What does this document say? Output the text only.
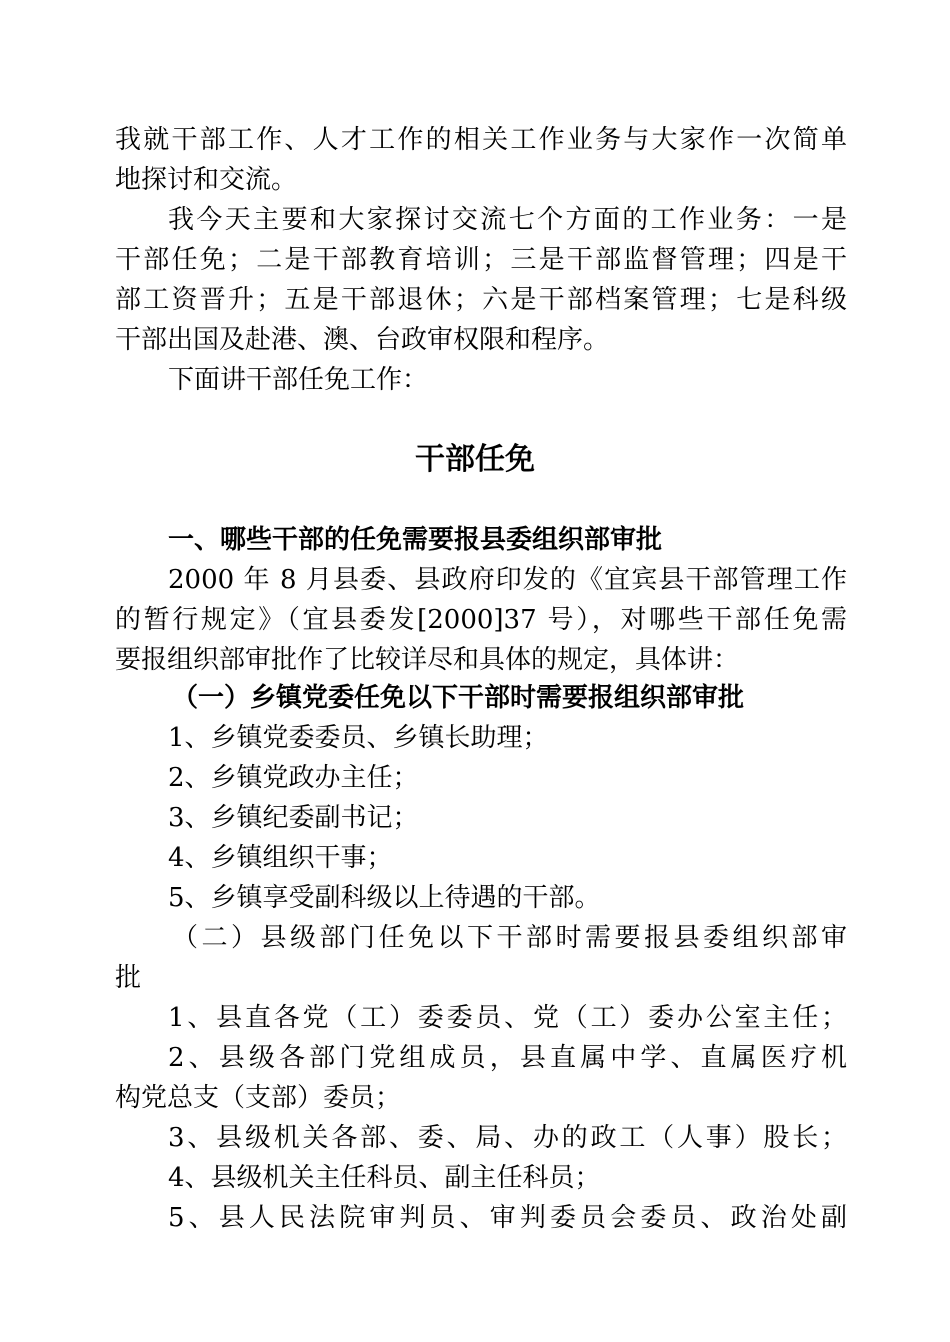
我就干部工作、人才工作的相关工作业务与大家作一次简单
地探讨和交流。
我今天主要和大家探讨交流七个方面的工作业务：一是
干部任免；二是干部教育培训；三是干部监督管理；四是干
部工资晋升；五是干部退休；六是干部档案管理；七是科级
干部出国及赴港、澳、台政审权限和程序。
下面讲干部任免工作：
干部任免
一、哪些干部的任免需要报县委组织部审批
2000 年 8 月县委、县政府印发的《宜宾县干部管理工作
的暂行规定》（宜县委发[2000]37 号），对哪些干部任免需
要报组织部审批作了比较详尽和具体的规定，具体讲：
（一）乡镇党委任免以下干部时需要报组织部审批
1、乡镇党委委员、乡镇长助理；
2、乡镇党政办主任；
3、乡镇纪委副书记；
4、乡镇组织干事；
5、乡镇享受副科级以上待遇的干部。
（二）县级部门任免以下干部时需要报县委组织部审
批
1、县直各党（工）委委员、党（工）委办公室主任；
2、县级各部门党组成员，县直属中学、直属医疗机
构党总支（支部）委员；
3、县级机关各部、委、局、办的政工（人事）股长；
4、县级机关主任科员、副主任科员；
5、县人民法院审判员、审判委员会委员、政治处副
